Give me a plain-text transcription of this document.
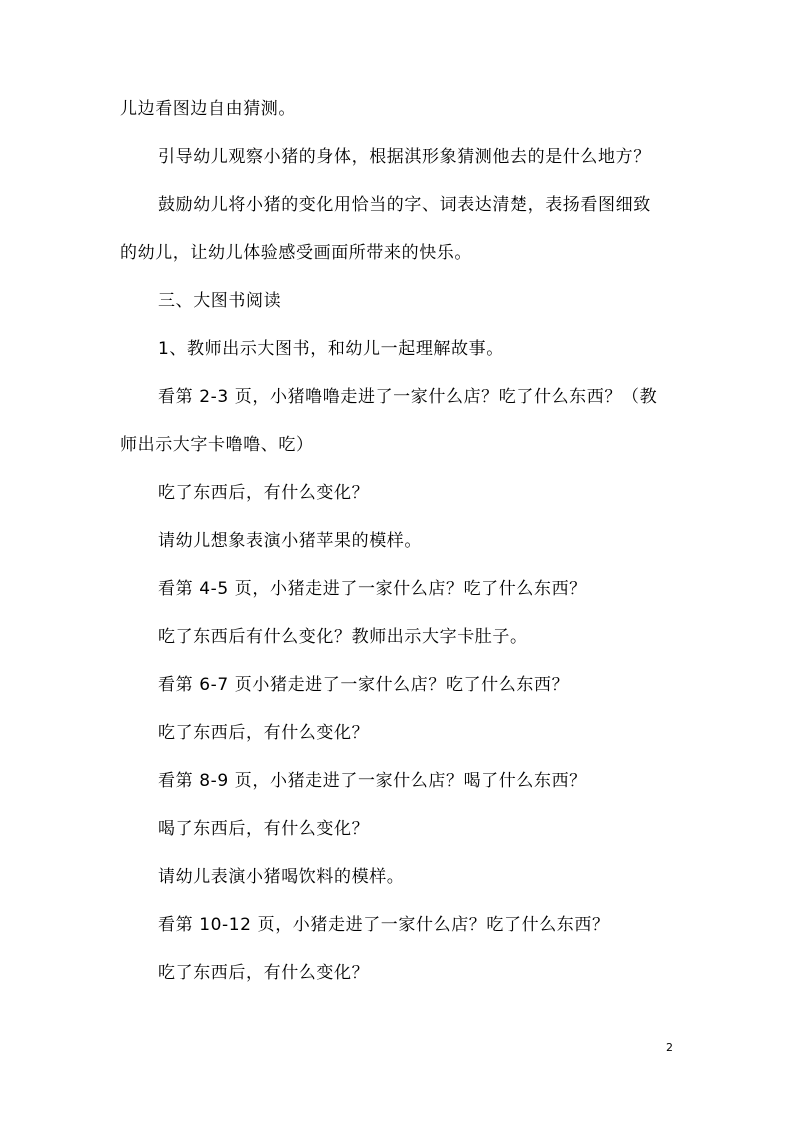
儿边看图边自由猜测。
引导幼儿观察小猪的身体，根据淇形象猜测他去的是什么地方？
鼓励幼儿将小猪的变化用恰当的字、词表达清楚，表扬看图细致
的幼儿，让幼儿体验感受画面所带来的快乐。
三、大图书阅读
1、教师出示大图书，和幼儿一起理解故事。
看第 2-3 页，小猪噜噜走进了一家什么店？吃了什么东西？（教
师出示大字卡噜噜、吃）
吃了东西后，有什么变化？
请幼儿想象表演小猪苹果的模样。
看第 4-5 页，小猪走进了一家什么店？吃了什么东西？
吃了东西后有什么变化？教师出示大字卡肚子。
看第 6-7 页小猪走进了一家什么店？吃了什么东西？
吃了东西后，有什么变化？
看第 8-9 页，小猪走进了一家什么店？喝了什么东西？
喝了东西后，有什么变化？
请幼儿表演小猪喝饮料的模样。
看第 10-12 页，小猪走进了一家什么店？吃了什么东西？
吃了东西后，有什么变化？
2
